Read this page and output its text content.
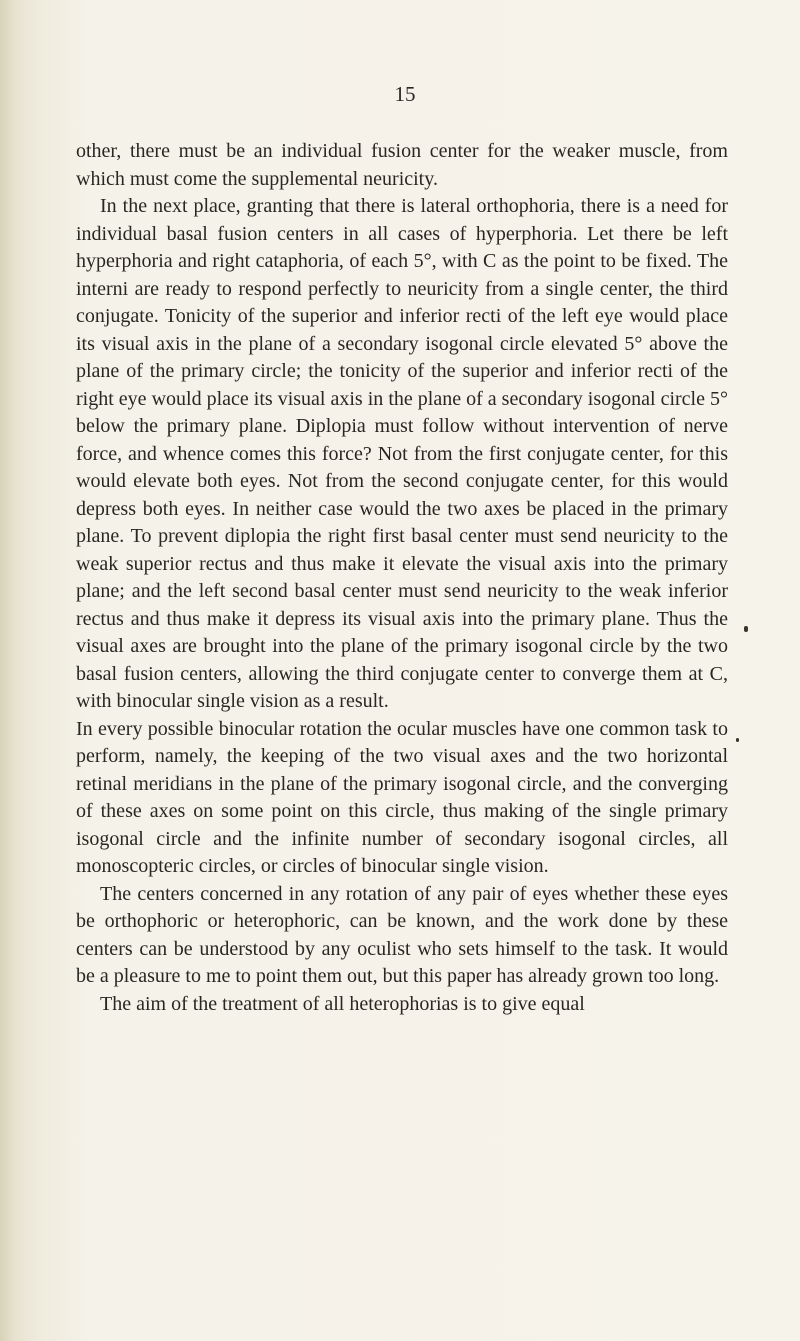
15

other, there must be an individual fusion center for the weaker muscle, from which must come the supplemental neuricity.

In the next place, granting that there is lateral orthophoria, there is a need for individual basal fusion centers in all cases of hyperphoria. Let there be left hyperphoria and right cataphoria, of each 5°, with C as the point to be fixed. The interni are ready to respond perfectly to neuricity from a single center, the third conjugate. Tonicity of the superior and inferior recti of the left eye would place its visual axis in the plane of a secondary isogonal circle elevated 5° above the plane of the primary circle; the tonicity of the superior and inferior recti of the right eye would place its visual axis in the plane of a secondary isogonal circle 5° below the primary plane. Diplopia must follow without intervention of nerve force, and whence comes this force? Not from the first conjugate center, for this would elevate both eyes. Not from the second conjugate center, for this would depress both eyes. In neither case would the two axes be placed in the primary plane. To prevent diplopia the right first basal center must send neuricity to the weak superior rectus and thus make it elevate the visual axis into the primary plane; and the left second basal center must send neuricity to the weak inferior rectus and thus make it depress its visual axis into the primary plane. Thus the visual axes are brought into the plane of the primary isogonal circle by the two basal fusion centers, allowing the third conjugate center to converge them at C, with binocular single vision as a result.

In every possible binocular rotation the ocular muscles have one common task to perform, namely, the keeping of the two visual axes and the two horizontal retinal meridians in the plane of the primary isogonal circle, and the converging of these axes on some point on this circle, thus making of the single primary isogonal circle and the infinite number of secondary isogonal circles, all monoscopteric circles, or circles of binocular single vision.

The centers concerned in any rotation of any pair of eyes whether these eyes be orthophoric or heterophoric, can be known, and the work done by these centers can be understood by any oculist who sets himself to the task. It would be a pleasure to me to point them out, but this paper has already grown too long.

The aim of the treatment of all heterophorias is to give equal
